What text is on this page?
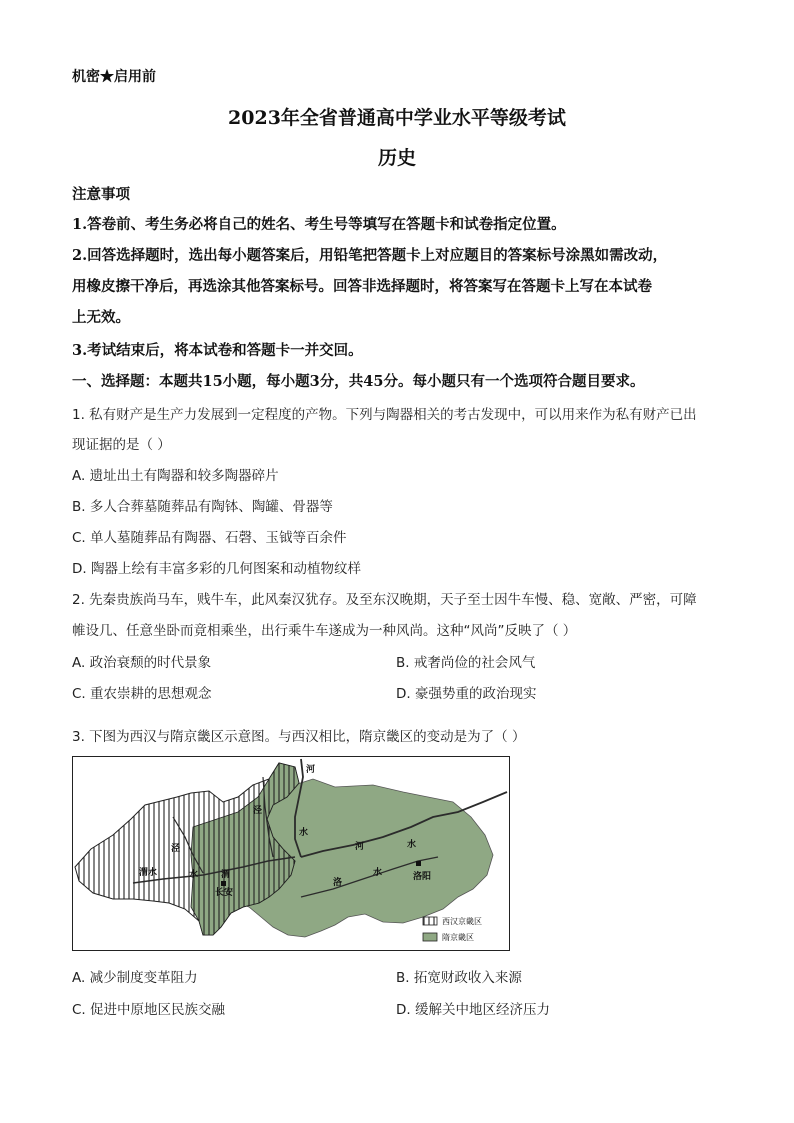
机密★启用前
2023年全省普通高中学业水平等级考试
历史
注意事项
1.答卷前、考生务必将自己的姓名、考生号等填写在答题卡和试卷指定位置。
2.回答选择题时，选出每小题答案后，用铅笔把答题卡上对应题目的答案标号涂黑如需改动，
用橡皮擦干净后，再选涂其他答案标号。回答非选择题时，将答案写在答题卡上写在本试卷
上无效。
3.考试结束后，将本试卷和答题卡一并交回。
一、选择题：本题共15小题，每小题3分，共45分。每小题只有一个选项符合题目要求。
1. 私有财产是生产力发展到一定程度的产物。下列与陶器相关的考古发现中，可以用来作为私有财产已出
现证据的是（ ）
A. 遗址出土有陶器和较多陶器碎片
B. 多人合葬墓随葬品有陶钵、陶罐、骨器等
C. 单人墓随葬品有陶器、石磬、玉钺等百余件
D. 陶器上绘有丰富多彩的几何图案和动植物纹样
2. 先秦贵族尚马车，贱牛车，此风秦汉犹存。及至东汉晚期，天子至士因牛车慢、稳、宽敞、严密，可障
帷设几、任意坐卧而竟相乘坐，出行乘牛车遂成为一种风尚。这种“风尚”反映了（ ）
A. 政治衰颓的时代景象	B. 戒奢尚俭的社会风气
C. 重农崇耕的思想观念	D. 豪强势重的政治现实
3. 下图为西汉与隋京畿区示意图。与西汉相比，隋京畿区的变动是为了（ ）
河
泾
水
泾
渭水	水	渭
长安
河	水
洛
水	洛阳
西汉京畿区
隋京畿区
A. 减少制度变革阻力	B. 拓宽财政收入来源
C. 促进中原地区民族交融	D. 缓解关中地区经济压力
